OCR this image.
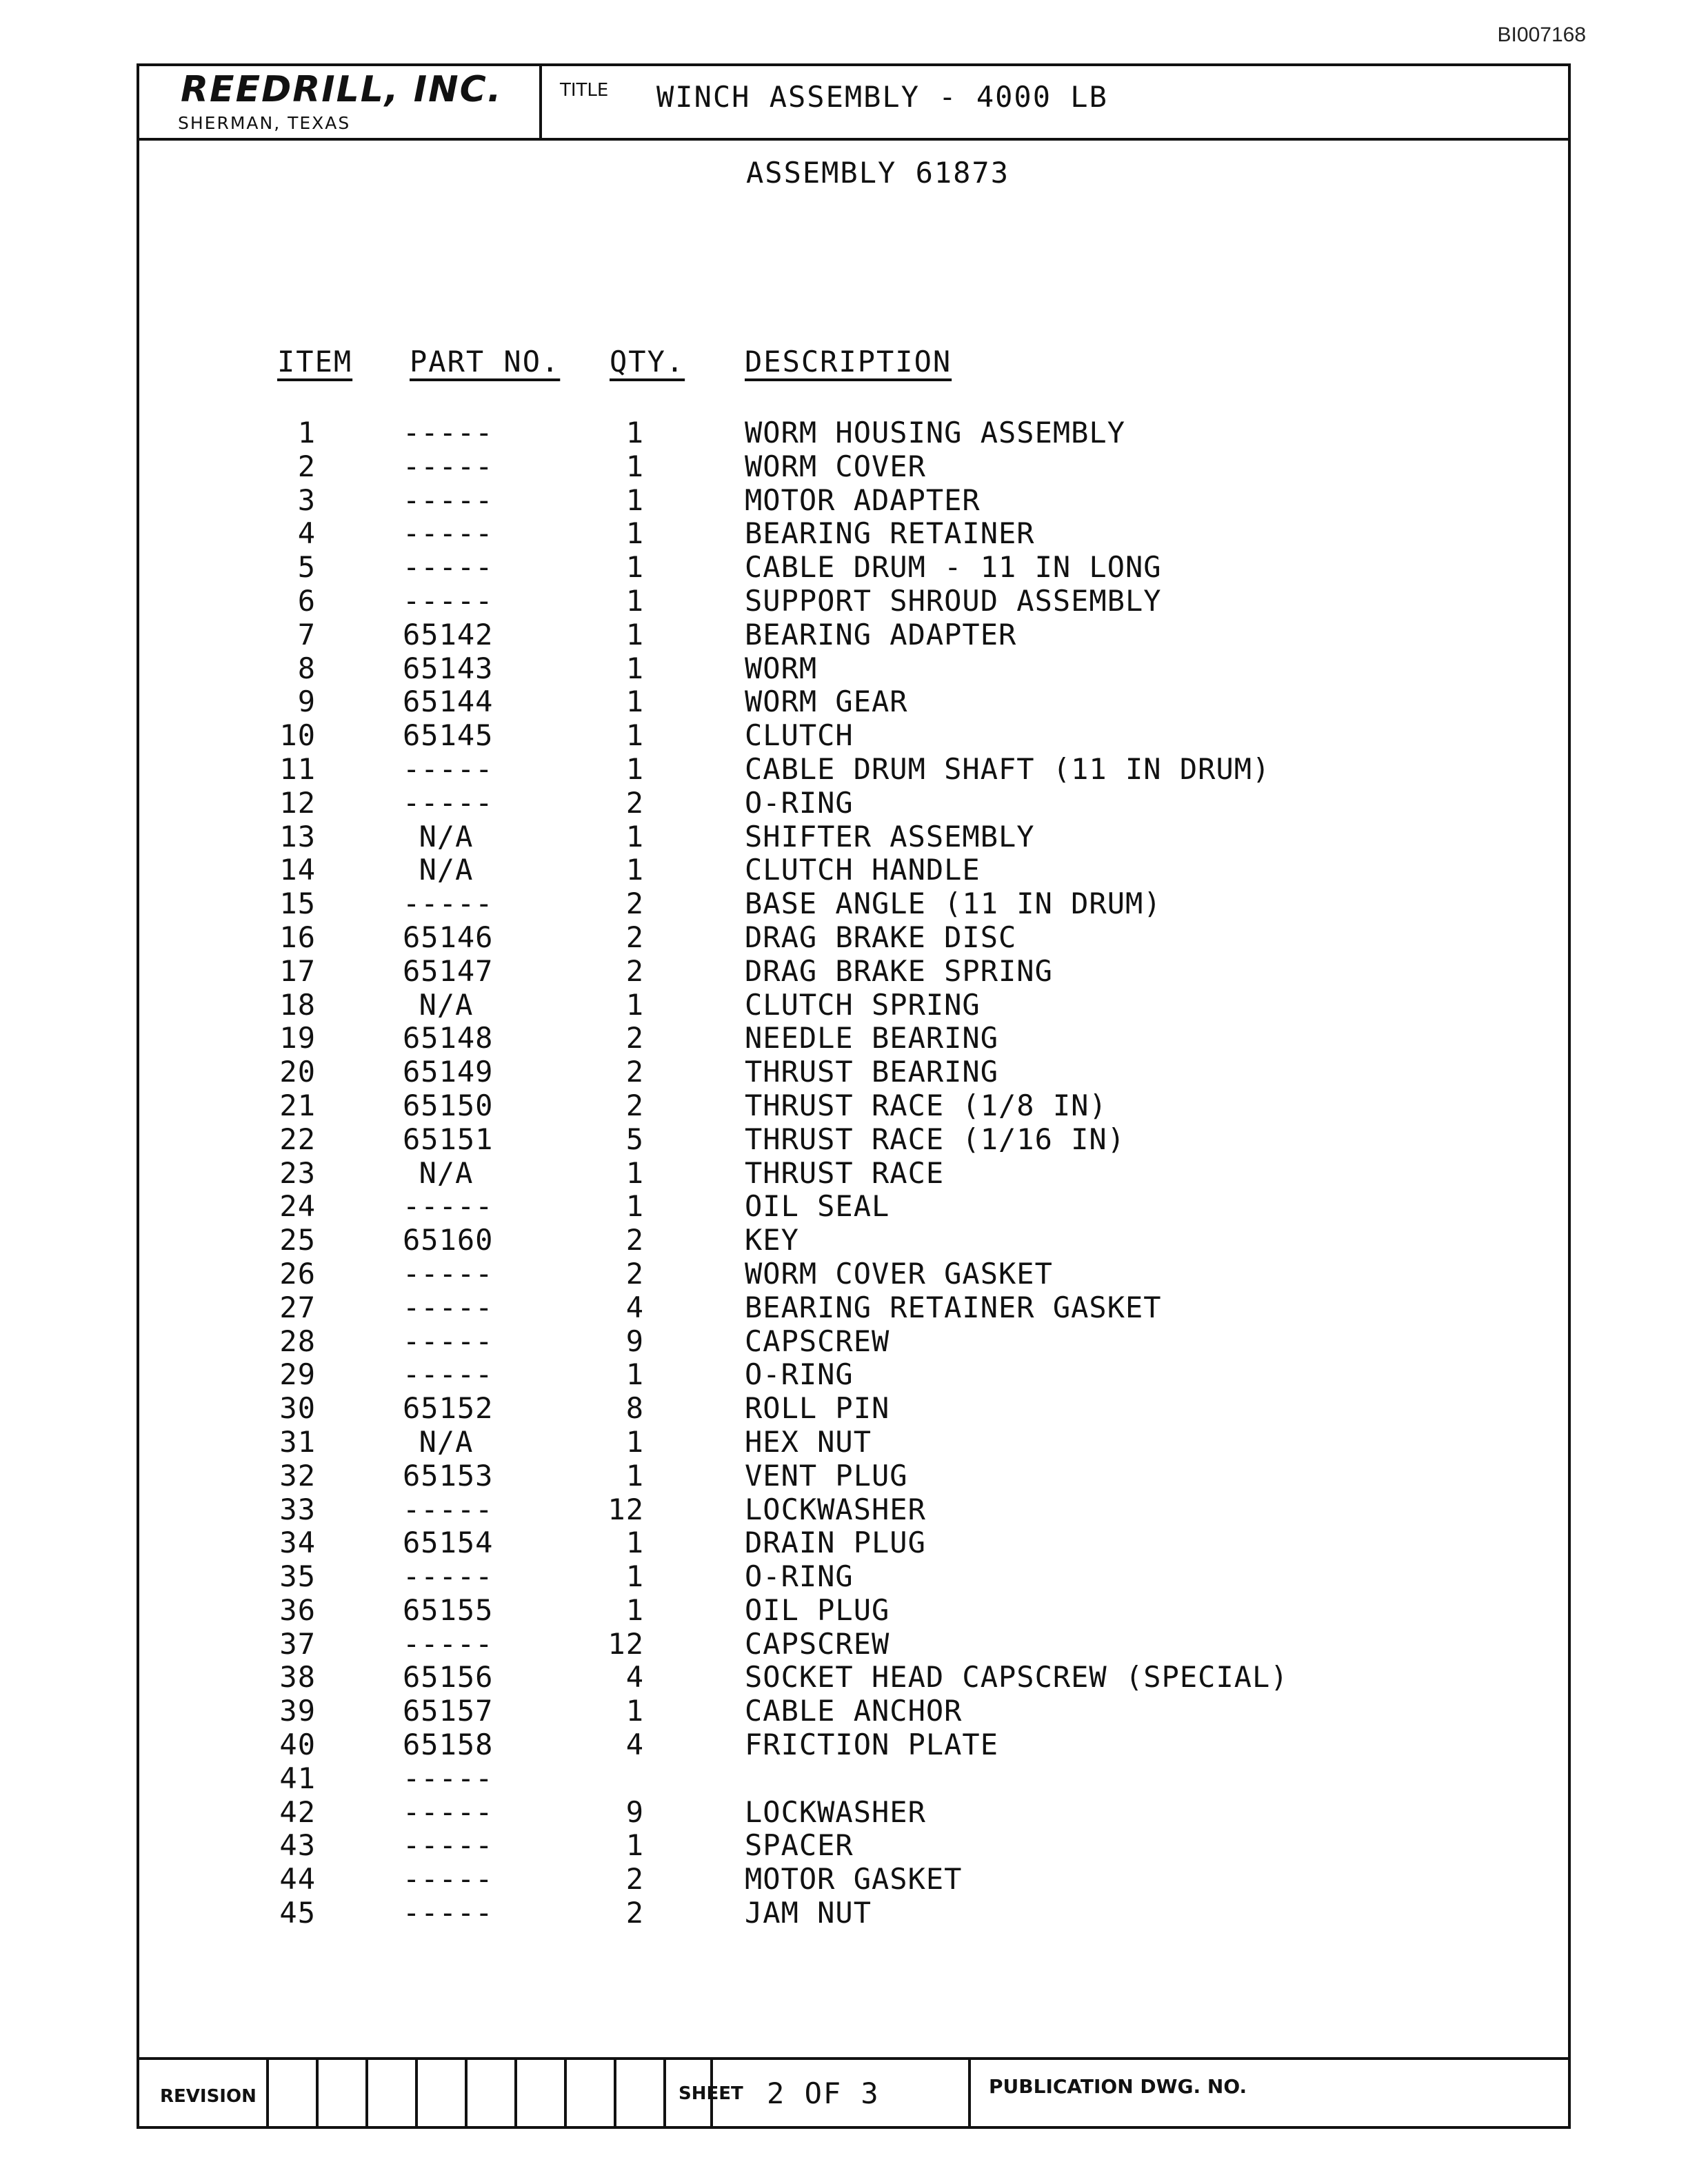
BI007168
REEDRILL, INC.
SHERMAN, TEXAS
TITLE WINCH ASSEMBLY - 4000 LB
ASSEMBLY 61873
ITEM PART NO. QTY. DESCRIPTION
1	-----	1	WORM HOUSING ASSEMBLY
2	-----	1	WORM COVER
3	-----	1	MOTOR ADAPTER
4	-----	1	BEARING RETAINER
5	-----	1	CABLE DRUM - 11 IN LONG
6	-----	1	SUPPORT SHROUD ASSEMBLY
7	65142	1	BEARING ADAPTER
8	65143	1	WORM
9	65144	1	WORM GEAR
10	65145	1	CLUTCH
11	-----	1	CABLE DRUM SHAFT (11 IN DRUM)
12	-----	2	O-RING
13	N/A	1	SHIFTER ASSEMBLY
14	N/A	1	CLUTCH HANDLE
15	-----	2	BASE ANGLE (11 IN DRUM)
16	65146	2	DRAG BRAKE DISC
17	65147	2	DRAG BRAKE SPRING
18	N/A	1	CLUTCH SPRING
19	65148	2	NEEDLE BEARING
20	65149	2	THRUST BEARING
21	65150	2	THRUST RACE (1/8 IN)
22	65151	5	THRUST RACE (1/16 IN)
23	N/A	1	THRUST RACE
24	-----	1	OIL SEAL
25	65160	2	KEY
26	-----	2	WORM COVER GASKET
27	-----	4	BEARING RETAINER GASKET
28	-----	9	CAPSCREW
29	-----	1	O-RING
30	65152	8	ROLL PIN
31	N/A	1	HEX NUT
32	65153	1	VENT PLUG
33	-----	12	LOCKWASHER
34	65154	1	DRAIN PLUG
35	-----	1	O-RING
36	65155	1	OIL PLUG
37	-----	12	CAPSCREW
38	65156	4	SOCKET HEAD CAPSCREW (SPECIAL)
39	65157	1	CABLE ANCHOR
40	65158	4	FRICTION PLATE
41	-----
42	-----	9	LOCKWASHER
43	-----	1	SPACER
44	-----	2	MOTOR GASKET
45	-----	2	JAM NUT
REVISION	SHEET 2 OF 3	PUBLICATION DWG. NO.
